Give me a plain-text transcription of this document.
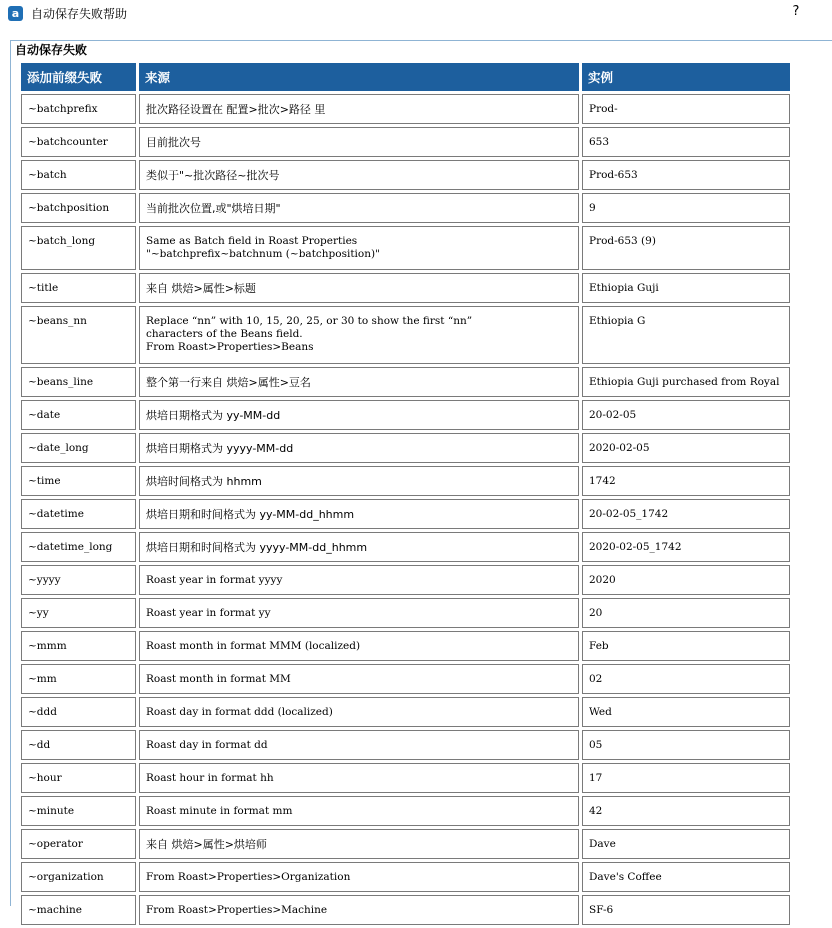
a 自动保存失败帮助	?
自动保存失败
添加前缀失败	来源	实例

~batchprefix	批次路径设置在 配置>批次>路径 里	Prod-

~batchcounter	目前批次号	653

~batch	类似于"~批次路径~批次号	Prod-653

~batchposition	当前批次位置,或"烘培日期"	9

~batch_long	Same as Batch field in Roast Properties
"~batchprefix~batchnum (~batchposition)"	Prod-653 (9)

~title	来自 烘焙>属性>标题	Ethiopia Guji

~beans_nn	Replace “nn” with 10, 15, 20, 25, or 30 to show the first “nn”
characters of the Beans field.
From Roast>Properties>Beans	Ethiopia G

~beans_line	整个第一行来自 烘焙>属性>豆名	Ethiopia Guji purchased from Royal

~date	烘培日期格式为 yy-MM-dd	20-02-05

~date_long	烘培日期格式为 yyyy-MM-dd	2020-02-05

~time	烘培时间格式为 hhmm	1742

~datetime	烘培日期和时间格式为 yy-MM-dd_hhmm	20-02-05_1742

~datetime_long	烘培日期和时间格式为 yyyy-MM-dd_hhmm	2020-02-05_1742

~yyyy	Roast year in format yyyy	2020

~yy	Roast year in format yy	20

~mmm	Roast month in format MMM (localized)	Feb

~mm	Roast month in format MM	02

~ddd	Roast day in format ddd (localized)	Wed

~dd	Roast day in format dd	05

~hour	Roast hour in format hh	17

~minute	Roast minute in format mm	42

~operator	来自 烘焙>属性>烘培师	Dave

~organization	From Roast>Properties>Organization	Dave's Coffee

~machine	From Roast>Properties>Machine	SF-6
